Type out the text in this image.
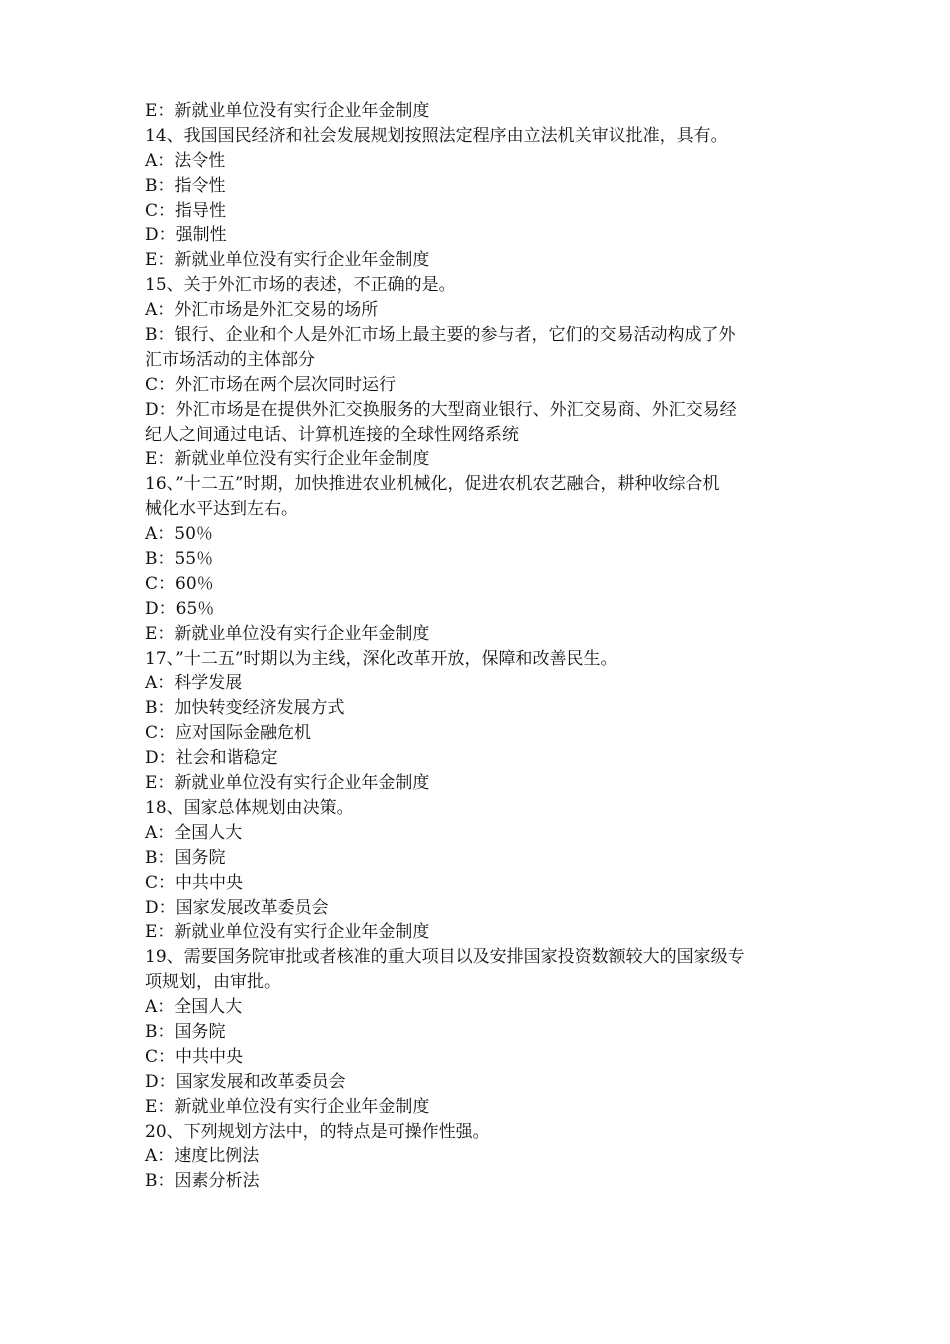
E：新就业单位没有实行企业年金制度
14、我国国民经济和社会发展规划按照法定程序由立法机关审议批准，具有。
A：法令性
B：指令性
C：指导性
D：强制性
E：新就业单位没有实行企业年金制度
15、关于外汇市场的表述，不正确的是。
A：外汇市场是外汇交易的场所
B：银行、企业和个人是外汇市场上最主要的参与者，它们的交易活动构成了外
汇市场活动的主体部分
C：外汇市场在两个层次同时运行
D：外汇市场是在提供外汇交换服务的大型商业银行、外汇交易商、外汇交易经
纪人之间通过电话、计算机连接的全球性网络系统
E：新就业单位没有实行企业年金制度
16、”十二五”时期，加快推进农业机械化，促进农机农艺融合，耕种收综合机
械化水平达到左右。
A：50％
B：55％
C：60％
D：65％
E：新就业单位没有实行企业年金制度
17、”十二五”时期以为主线，深化改革开放，保障和改善民生。
A：科学发展
B：加快转变经济发展方式
C：应对国际金融危机
D：社会和谐稳定
E：新就业单位没有实行企业年金制度
18、国家总体规划由决策。
A：全国人大
B：国务院
C：中共中央
D：国家发展改革委员会
E：新就业单位没有实行企业年金制度
19、需要国务院审批或者核准的重大项目以及安排国家投资数额较大的国家级专
项规划，由审批。
A：全国人大
B：国务院
C：中共中央
D：国家发展和改革委员会
E：新就业单位没有实行企业年金制度
20、下列规划方法中，的特点是可操作性强。
A：速度比例法
B：因素分析法
